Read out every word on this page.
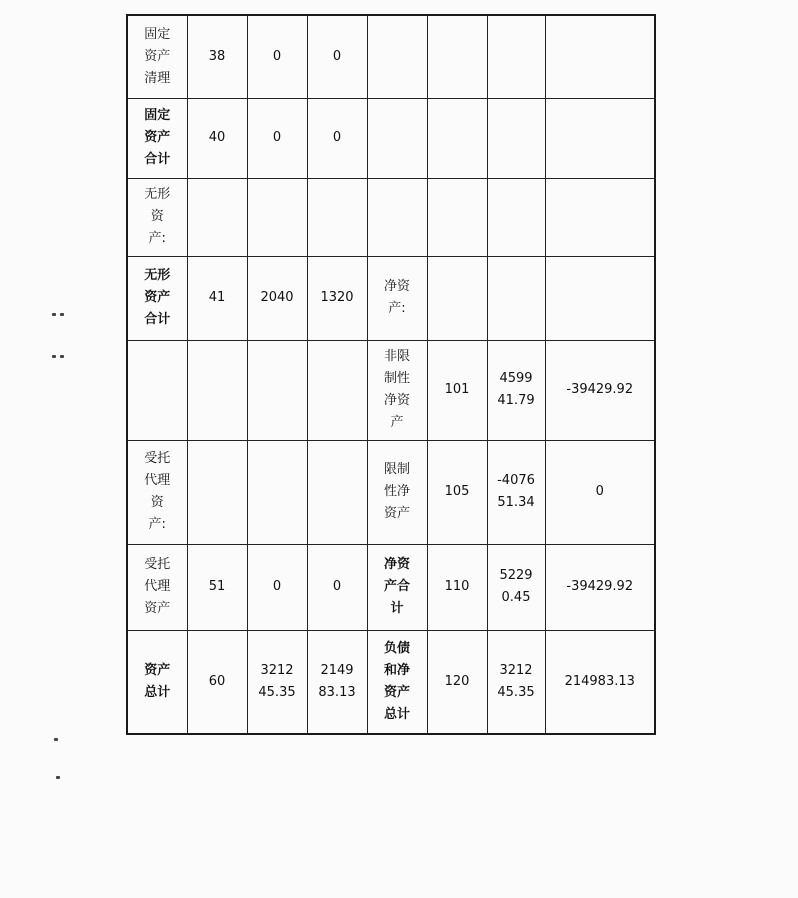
固定资产清理	38	0	0				
固定资产合计	40	0	0				
无形资产:							
无形资产合计	41	2040	1320	净资产:			
				非限制性净资产	101	459941.79	-39429.92
受托代理资产:				限制性净资产	105	-407651.34	0
受托代理资产	51	0	0	净资产合计	110	52290.45	-39429.92
资产总计	60	321245.35	214983.13	负债和净资产总计	120	321245.35	214983.13
